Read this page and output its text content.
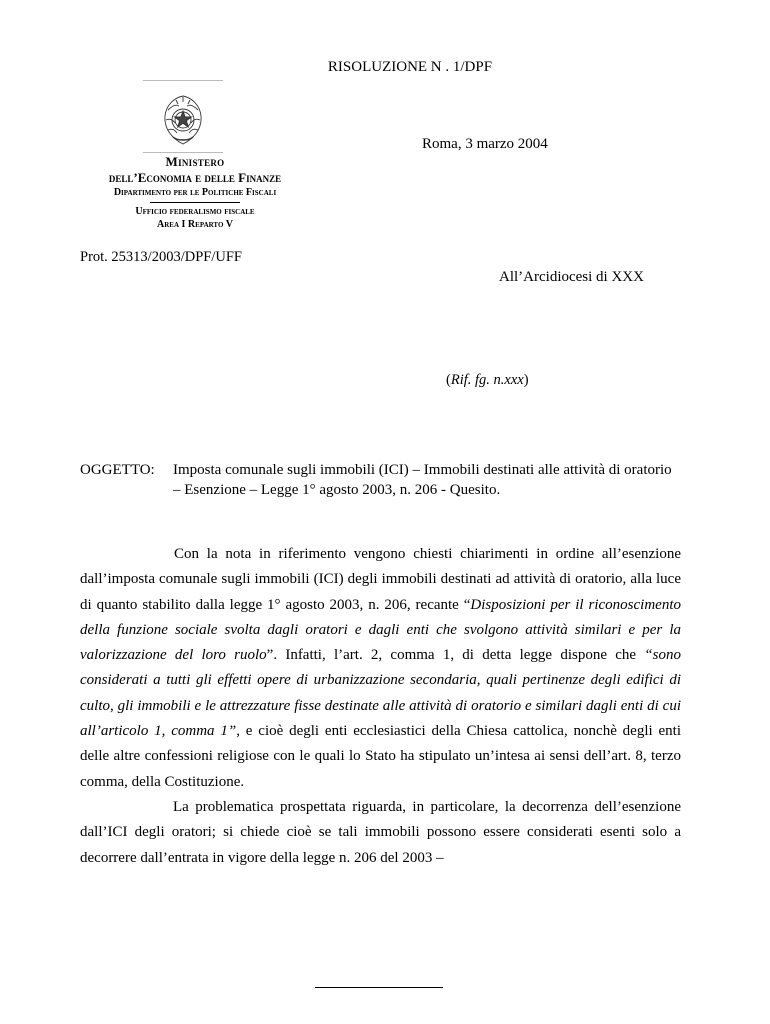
RISOLUZIONE N . 1/DPF
Ministero
dell’Economia e delle Finanze
Dipartimento per le Politiche Fiscali
Ufficio federalismo fiscale
Area I Reparto V
Roma, 3 marzo 2004
Prot. 25313/2003/DPF/UFF
All’Arcidiocesi di XXX
(Rif. fg. n.xxx)
OGGETTO: Imposta comunale sugli immobili (ICI) – Immobili destinati alle attività di oratorio – Esenzione – Legge 1° agosto 2003, n. 206 - Quesito.

Con la nota in riferimento vengono chiesti chiarimenti in ordine all’esenzione dall’imposta comunale sugli immobili (ICI) degli immobili destinati ad attività di oratorio, alla luce di quanto stabilito dalla legge 1° agosto 2003, n. 206, recante “Disposizioni per il riconoscimento della funzione sociale svolta dagli oratori e dagli enti che svolgono attività similari e per la valorizzazione del loro ruolo”. Infatti, l’art. 2, comma 1, di detta legge dispone che “sono considerati a tutti gli effetti opere di urbanizzazione secondaria, quali pertinenze degli edifici di culto, gli immobili e le attrezzature fisse destinate alle attività di oratorio e similari dagli enti di cui all’articolo 1, comma 1”, e cioè degli enti ecclesiastici della Chiesa cattolica, nonchè degli enti delle altre confessioni religiose con le quali lo Stato ha stipulato un’intesa ai sensi dell’art. 8, terzo comma, della Costituzione.

La problematica prospettata riguarda, in particolare, la decorrenza dell’esenzione dall’ICI degli oratori; si chiede cioè se tali immobili possono essere considerati esenti solo a decorrere dall’entrata in vigore della legge n. 206 del 2003 –
